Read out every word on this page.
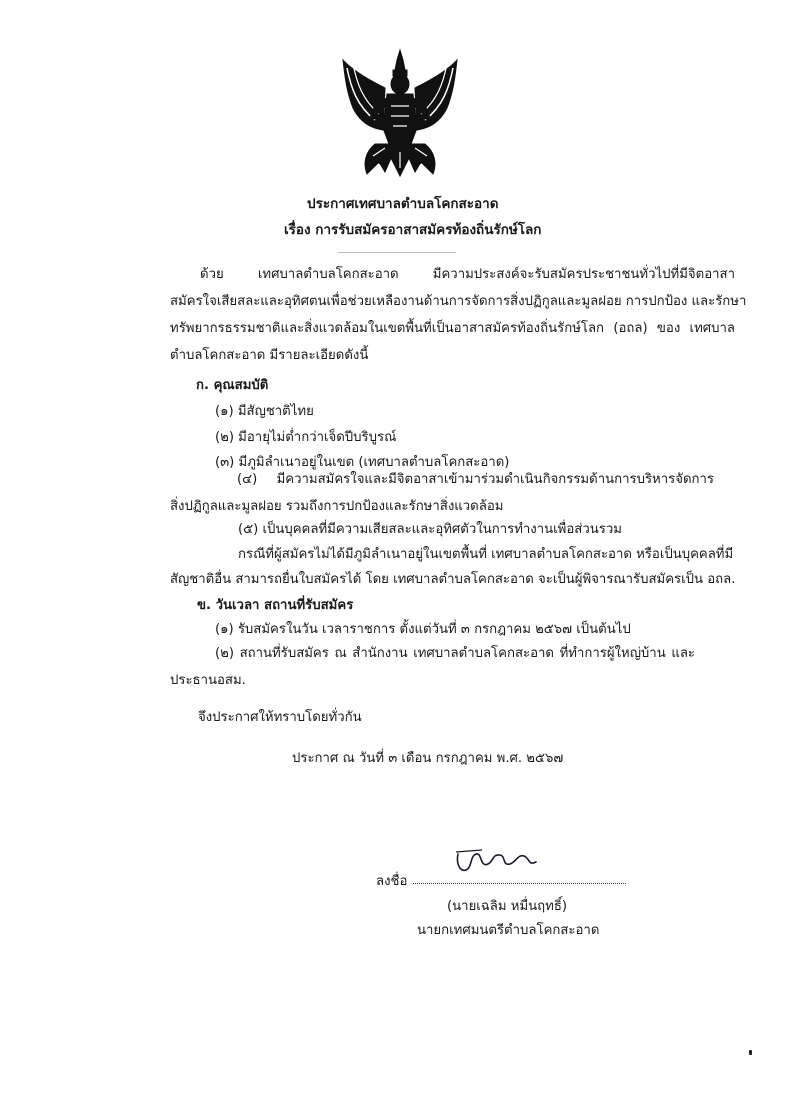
ประกาศเทศบาลตำบลโคกสะอาด
เรื่อง การรับสมัครอาสาสมัครท้องถิ่นรักษ์โลก
ด้วย เทศบาลตำบลโคกสะอาด มีความประสงค์จะรับสมัครประชาชนทั่วไปที่มีจิตอาสา
สมัครใจเสียสละและอุทิศตนเพื่อช่วยเหลืองานด้านการจัดการสิ่งปฏิกูลและมูลฝอย การปกป้อง และรักษา
ทรัพยากรธรรมชาติและสิ่งแวดล้อมในเขตพื้นที่เป็นอาสาสมัครท้องถิ่นรักษ์โลก (อถล) ของ เทศบาล
ตำบลโคกสะอาด มีรายละเอียดดังนี้
ก. คุณสมบัติ
(๑) มีสัญชาติไทย
(๒) มีอายุไม่ต่ำกว่าเจ็ดปีบริบูรณ์
(๓) มีภูมิลำเนาอยู่ในเขต (เทศบาลตำบลโคกสะอาด)
(๔) มีความสมัครใจและมีจิตอาสาเข้ามาร่วมดำเนินกิจกรรมด้านการบริหารจัดการ
สิ่งปฏิกูลและมูลฝอย รวมถึงการปกป้องและรักษาสิ่งแวดล้อม
(๕) เป็นบุคคลที่มีความเสียสละและอุทิศตัวในการทำงานเพื่อส่วนรวม
กรณีที่ผู้สมัครไม่ได้มีภูมิลำเนาอยู่ในเขตพื้นที่ เทศบาลตำบลโคกสะอาด หรือเป็นบุคคลที่มี
สัญชาติอื่น สามารถยื่นใบสมัครได้ โดย เทศบาลตำบลโคกสะอาด จะเป็นผู้พิจารณารับสมัครเป็น อถล.
ข. วันเวลา สถานที่รับสมัคร
(๑) รับสมัครในวัน เวลาราชการ ตั้งแต่วันที่ ๓ กรกฎาคม ๒๕๖๗ เป็นต้นไป
(๒) สถานที่รับสมัคร ณ สำนักงาน เทศบาลตำบลโคกสะอาด ที่ทำการผู้ใหญ่บ้าน และ
ประธานอสม.
จึงประกาศให้ทราบโดยทั่วกัน
ประกาศ ณ วันที่ ๓ เดือน กรกฎาคม พ.ศ. ๒๕๖๗
ลงชื่อ
(นายเฉลิม หมื่นฤทธิ์)
นายกเทศมนตรีตำบลโคกสะอาด
